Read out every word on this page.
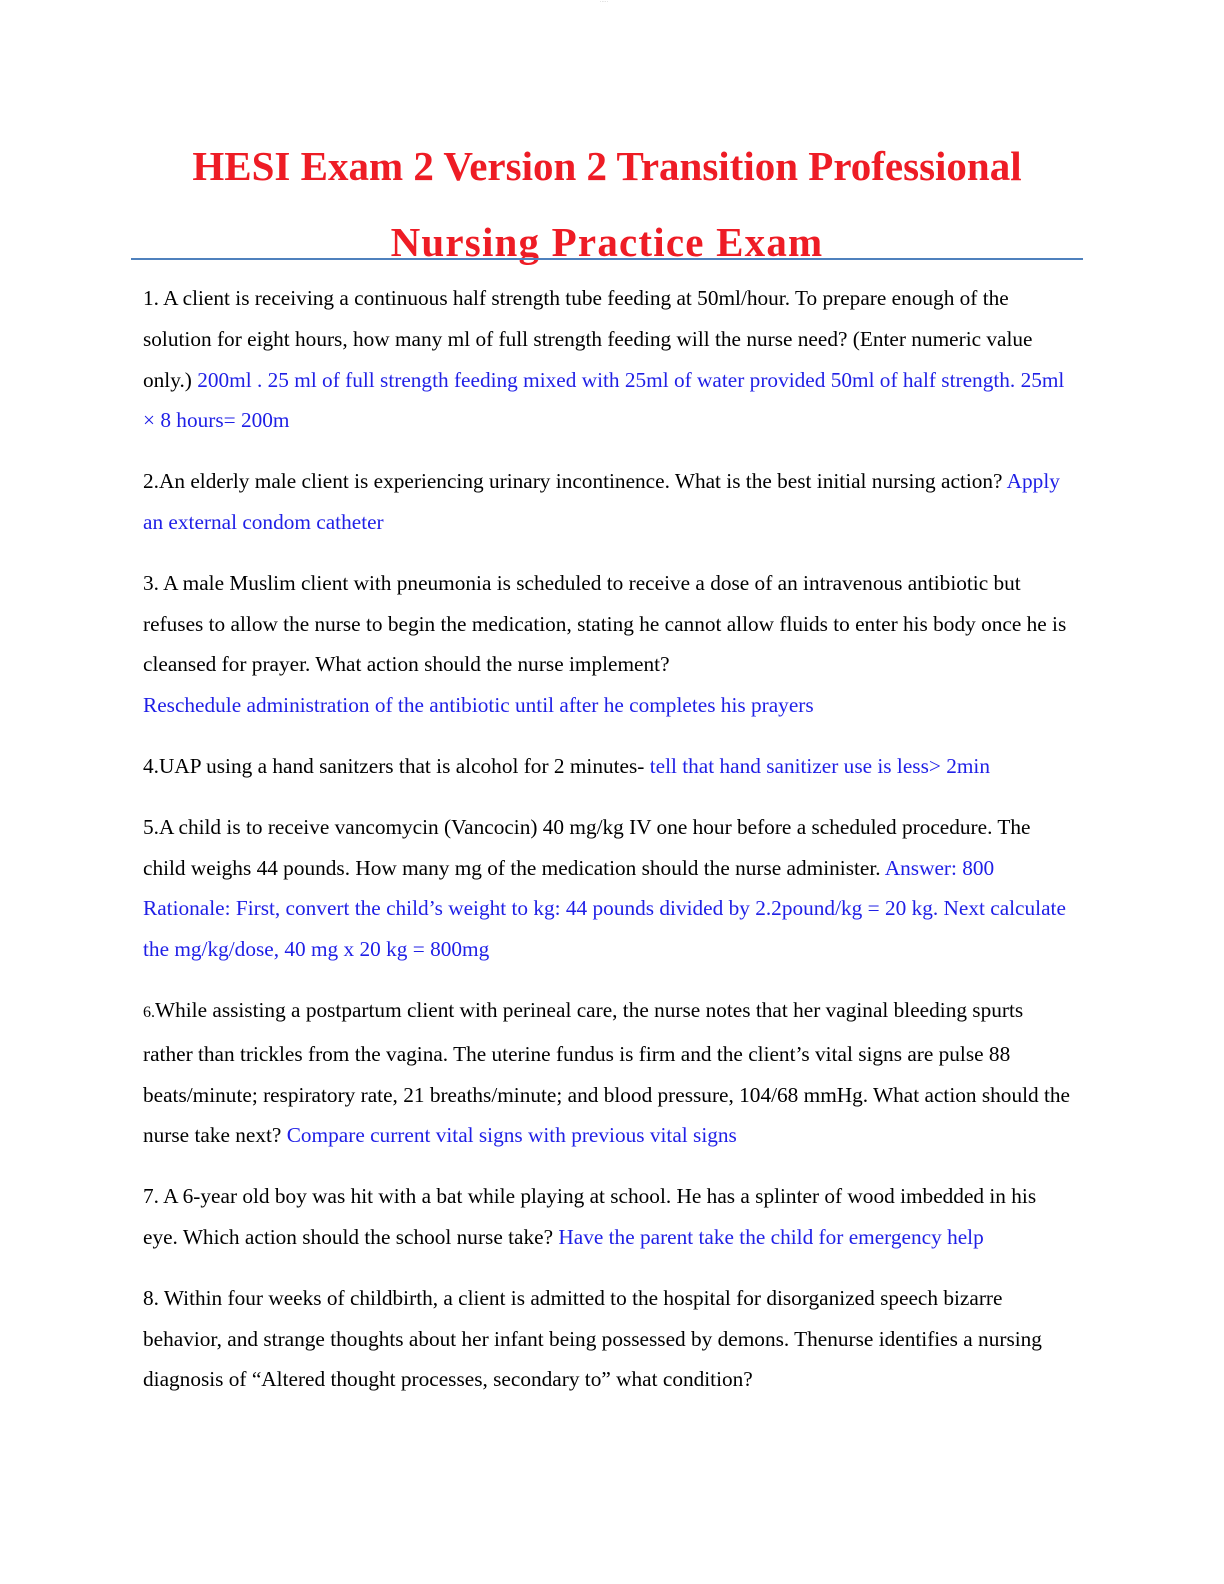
·····
HESI Exam 2 Version 2 Transition Professional
Nursing Practice Exam

1. A client is receiving a continuous half strength tube feeding at 50ml/hour. To prepare enough of the solution for eight hours, how many ml of full strength feeding will the nurse need? (Enter numeric value only.) 200ml . 25 ml of full strength feeding mixed with 25ml of water provided 50ml of half strength. 25ml × 8 hours= 200m

2.An elderly male client is experiencing urinary incontinence. What is the best initial nursing action? Apply an external condom catheter

3. A male Muslim client with pneumonia is scheduled to receive a dose of an intravenous antibiotic but refuses to allow the nurse to begin the medication, stating he cannot allow fluids to enter his body once he is cleansed for prayer. What action should the nurse implement?
Reschedule administration of the antibiotic until after he completes his prayers

4.UAP using a hand sanitzers that is alcohol for 2 minutes- tell that hand sanitizer use is less> 2min

5.A child is to receive vancomycin (Vancocin) 40 mg/kg IV one hour before a scheduled procedure. The child weighs 44 pounds. How many mg of the medication should the nurse administer. Answer: 800 Rationale: First, convert the child’s weight to kg: 44 pounds divided by 2.2pound/kg = 20 kg. Next calculate the mg/kg/dose, 40 mg x 20 kg = 800mg

6.While assisting a postpartum client with perineal care, the nurse notes that her vaginal bleeding spurts rather than trickles from the vagina. The uterine fundus is firm and the client’s vital signs are pulse 88 beats/minute; respiratory rate, 21 breaths/minute; and blood pressure, 104/68 mmHg. What action should the nurse take next? Compare current vital signs with previous vital signs

7. A 6-year old boy was hit with a bat while playing at school. He has a splinter of wood imbedded in his eye. Which action should the school nurse take? Have the parent take the child for emergency help

8. Within four weeks of childbirth, a client is admitted to the hospital for disorganized speech bizarre behavior, and strange thoughts about her infant being possessed by demons. Thenurse identifies a nursing diagnosis of “Altered thought processes, secondary to” what condition?
